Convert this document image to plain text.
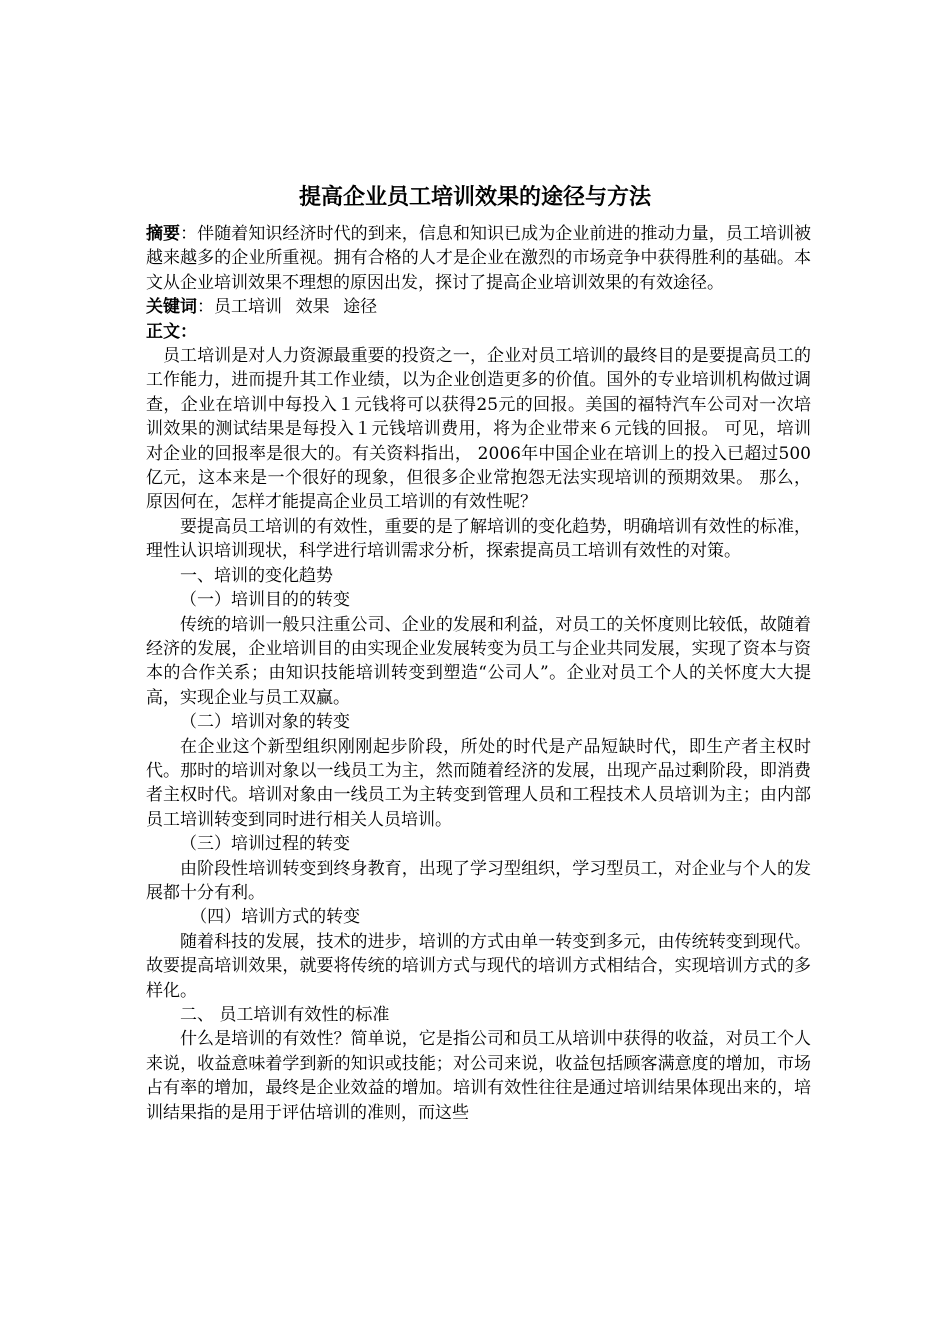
提高企业员工培训效果的途径与方法

摘要：伴随着知识经济时代的到来，信息和知识已成为企业前进的推动力量，员工培训被越来越多的企业所重视。拥有合格的人才是企业在激烈的市场竞争中获得胜利的基础。本文从企业培训效果不理想的原因出发，探讨了提高企业培训效果的有效途径。

关键词：员工培训 效果 途径

正文：

员工培训是对人力资源最重要的投资之一，企业对员工培训的最终目的是要提高员工的工作能力，进而提升其工作业绩，以为企业创造更多的价值。国外的专业培训机构做过调查，企业在培训中每投入１元钱将可以获得25元的回报。美国的福特汽车公司对一次培训效果的测试结果是每投入１元钱培训费用，将为企业带来６元钱的回报。 可见，培训对企业的回报率是很大的。有关资料指出， 2006年中国企业在培训上的投入已超过500亿元，这本来是一个很好的现象，但很多企业常抱怨无法实现培训的预期效果。 那么，原因何在，怎样才能提高企业员工培训的有效性呢？

要提高员工培训的有效性，重要的是了解培训的变化趋势，明确培训有效性的标准，理性认识培训现状，科学进行培训需求分析，探索提高员工培训有效性的对策。

一、培训的变化趋势

（一）培训目的的转变

传统的培训一般只注重公司、企业的发展和利益，对员工的关怀度则比较低，故随着经济的发展，企业培训目的由实现企业发展转变为员工与企业共同发展，实现了资本与资本的合作关系；由知识技能培训转变到塑造“公司人”。企业对员工个人的关怀度大大提高，实现企业与员工双赢。

（二）培训对象的转变

在企业这个新型组织刚刚起步阶段，所处的时代是产品短缺时代，即生产者主权时代。那时的培训对象以一线员工为主，然而随着经济的发展，出现产品过剩阶段，即消费者主权时代。培训对象由一线员工为主转变到管理人员和工程技术人员培训为主；由内部员工培训转变到同时进行相关人员培训。

（三）培训过程的转变

由阶段性培训转变到终身教育，出现了学习型组织，学习型员工，对企业与个人的发展都十分有利。

（四）培训方式的转变

随着科技的发展，技术的进步，培训的方式由单一转变到多元，由传统转变到现代。故要提高培训效果，就要将传统的培训方式与现代的培训方式相结合，实现培训方式的多样化。

二、 员工培训有效性的标准

什么是培训的有效性？简单说，它是指公司和员工从培训中获得的收益，对员工个人来说，收益意味着学到新的知识或技能；对公司来说，收益包括顾客满意度的增加，市场占有率的增加，最终是企业效益的增加。培训有效性往往是通过培训结果体现出来的，培训结果指的是用于评估培训的准则，而这些
